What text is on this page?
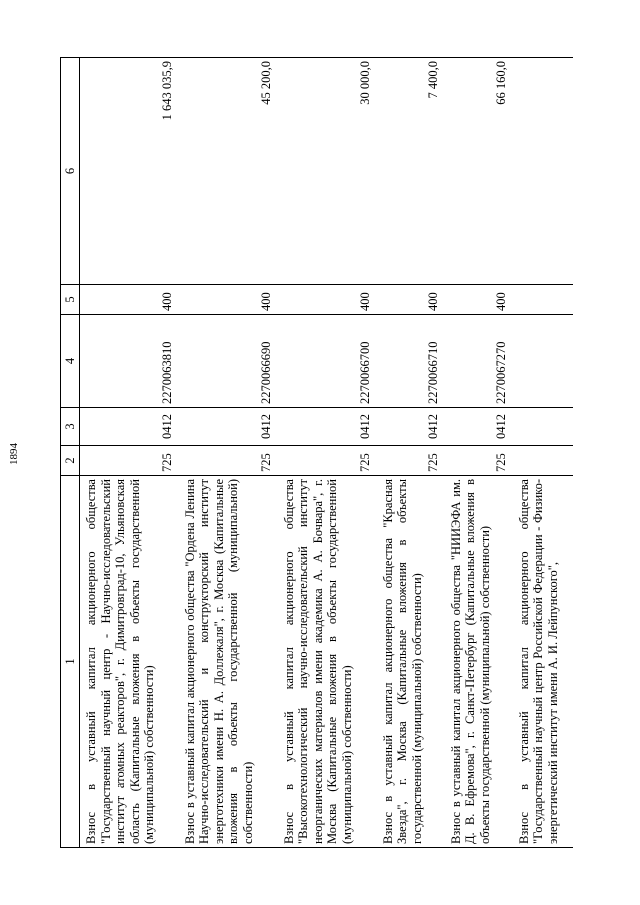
1894
1	2	3	4	5	6
Взнос в уставный капитал акционерного общества "Государственный научный центр - Научно-исследовательский институт атомных реакторов", г. Димитровград-10, Ульяновская область (Капитальные вложения в объекты государственной (муниципальной) собственности)	725	0412	2270063810	400	1 643 035,9
Взнос в уставный капитал акционерного общества "Ордена Ленина Научно-исследовательский и конструкторский институт энерготехники имени Н. А. Доллежаля", г. Москва (Капитальные вложения в объекты государственной (муниципальной) собственности)	725	0412	2270066690	400	45 200,0
Взнос в уставный капитал акционерного общества "Высокотехнологический научно-исследовательский институт неорганических материалов имени академика А. А. Бочвара", г. Москва (Капитальные вложения в объекты государственной (муниципальной) собственности)	725	0412	2270066700	400	30 000,0
Взнос в уставный капитал акционерного общества "Красная Звезда", г. Москва (Капитальные вложения в объекты государственной (муниципальной) собственности)	725	0412	2270066710	400	7 400,0
Взнос в уставный капитал акционерного общества "НИИЭФА им. Д. В. Ефремова", г. Санкт-Петербург (Капитальные вложения в объекты государственной (муниципальной) собственности)	725	0412	2270067270	400	66 160,0
Взнос в уставный капитал акционерного общества "Государственный научный центр Российской Федерации - Физико-энергетический институт имени А. И. Лейпунского",					
